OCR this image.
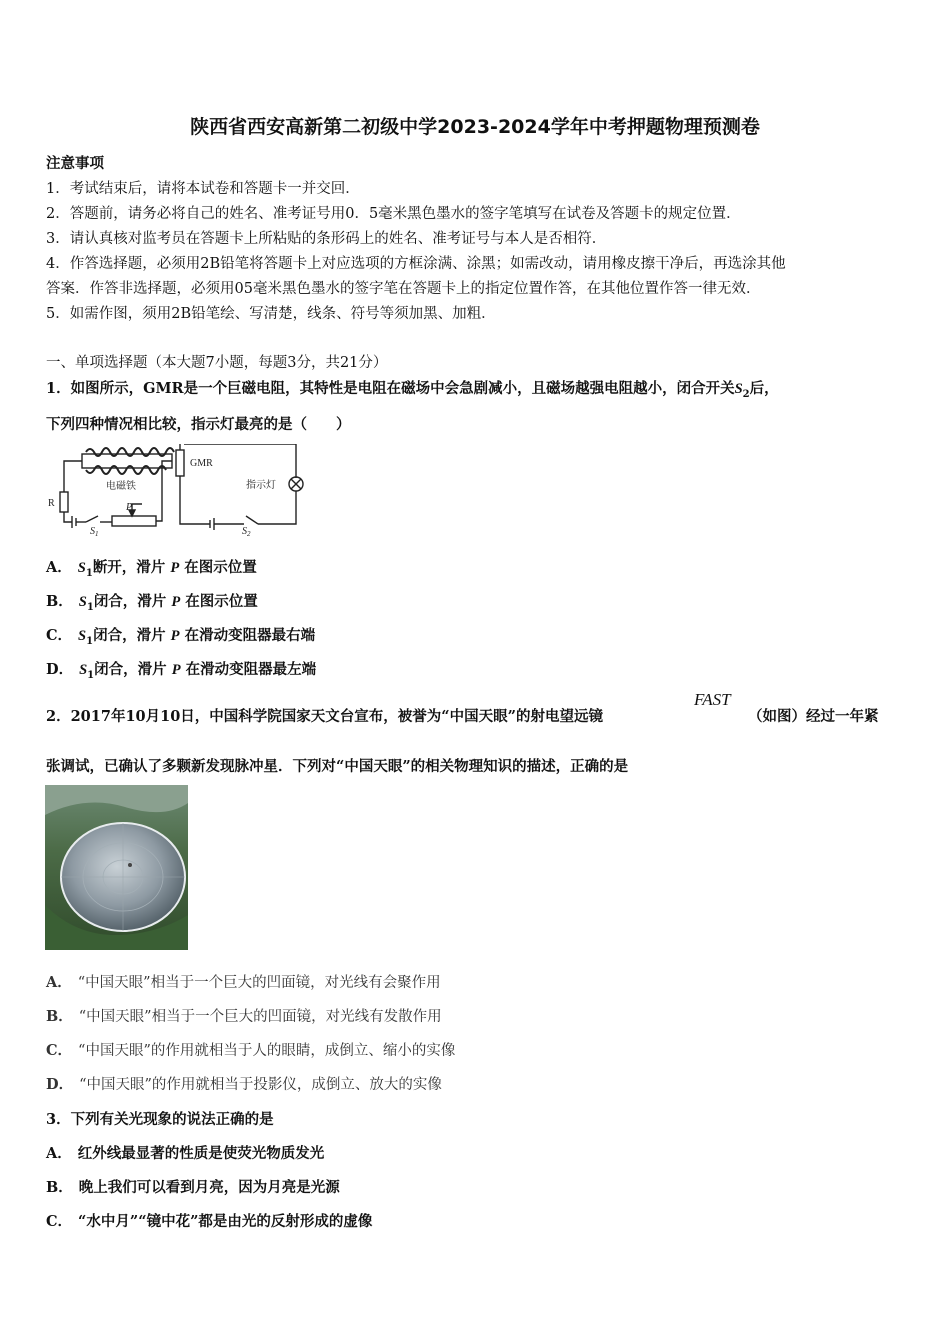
陕西省西安高新第二初级中学2023-2024学年中考押题物理预测卷
注意事项
1．考试结束后，请将本试卷和答题卡一并交回．
2．答题前，请务必将自己的姓名、准考证号用0．5毫米黑色墨水的签字笔填写在试卷及答题卡的规定位置．
3．请认真核对监考员在答题卡上所粘贴的条形码上的姓名、准考证号与本人是否相符．
4．作答选择题，必须用2B铅笔将答题卡上对应选项的方框涂满、涂黑；如需改动，请用橡皮擦干净后，再选涂其他
答案．作答非选择题，必须用05毫米黑色墨水的签字笔在答题卡上的指定位置作答，在其他位置作答一律无效．
5．如需作图，须用2B铅笔绘、写清楚，线条、符号等须加黑、加粗．
一、单项选择题（本大题7小题，每题3分，共21分）
1．如图所示，GMR是一个巨磁电阻，其特性是电阻在磁场中会急剧减小，且磁场越强电阻越小，闭合开关$S_2$后，
下列四种情况相比较，指示灯最亮的是（　　）
GMR
电磁铁	指示灯
R	P
$S_1$	$S_2$
A． $S_1$断开，滑片 P 在图示位置
B． $S_1$闭合，滑片 P 在图示位置
C． $S_1$闭合，滑片 P 在滑动变阻器最右端
D． $S_1$闭合，滑片 P 在滑动变阻器最左端
2．2017年10月10日，中国科学院国家天文台宣布，被誉为“中国天眼”的射电望远镜
FAST
（如图）经过一年紧
张调试，已确认了多颗新发现脉冲星．下列对“中国天眼”的相关物理知识的描述，正确的是
A． “中国天眼”相当于一个巨大的凹面镜，对光线有会聚作用
B． “中国天眼”相当于一个巨大的凹面镜，对光线有发散作用
C． “中国天眼”的作用就相当于人的眼睛，成倒立、缩小的实像
D． “中国天眼”的作用就相当于投影仪，成倒立、放大的实像
3．下列有关光现象的说法正确的是
A． 红外线最显著的性质是使荧光物质发光
B． 晚上我们可以看到月亮，因为月亮是光源
C． “水中月”“镜中花”都是由光的反射形成的虚像
